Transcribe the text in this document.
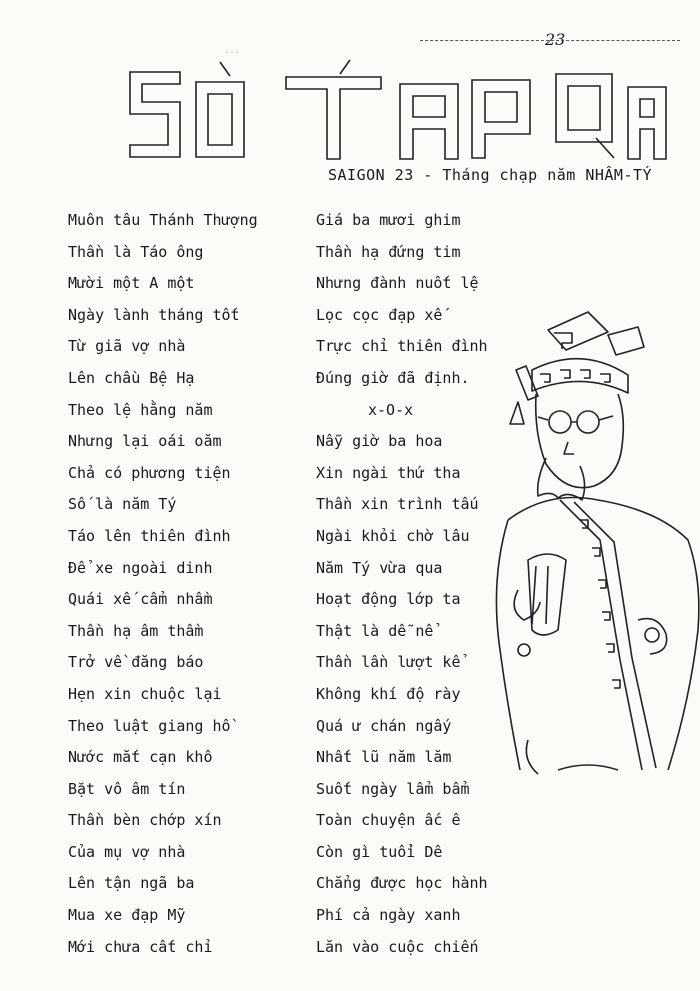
23
SAIGON 23 - Tháng chạp năm NHÂM-TÝ
Muôn tâu Thánh Thượng
Thần là Táo ông
Mười một A một
Ngày lành tháng tốt
Từ giã vợ nhà
Lên chầu Bệ Hạ
Theo lệ hằng năm
Nhưng lại oái oăm
Chả có phương tiện
Số là năm Tý
Táo lên thiên đình
Để xe ngoài dinh
Quái xế cẩm nhầm
Thần hạ âm thầm
Trở về đăng báo
Hẹn xin chuộc lại
Theo luật giang hồ
Nước mắt cạn khô
Bặt vô âm tín
Thần bèn chớp xín
Của mụ vợ nhà
Lên tận ngã ba
Mua xe đạp Mỹ
Mới chưa cất chỉ
Giá ba mươi ghim
Thần hạ đứng tim
Nhưng đành nuốt lệ
Lọc cọc đạp xế
Trực chỉ thiên đình
Đúng giờ đã định.
x-O-x
Nẫy giờ ba hoa
Xin ngài thứ tha
Thần xin trình tấu
Ngài khỏi chờ lâu
Năm Tý vừa qua
Hoạt động lớp ta
Thật là dễ nể
Thần lần lượt kể
Không khí độ rày
Quá ư chán ngấy
Nhất lũ năm lăm
Suốt ngày lẩm bẩm
Toàn chuyện ấc ê
Còn gì tuổi Dê
Chẳng được học hành
Phí cả ngày xanh
Lăn vào cuộc chiến
